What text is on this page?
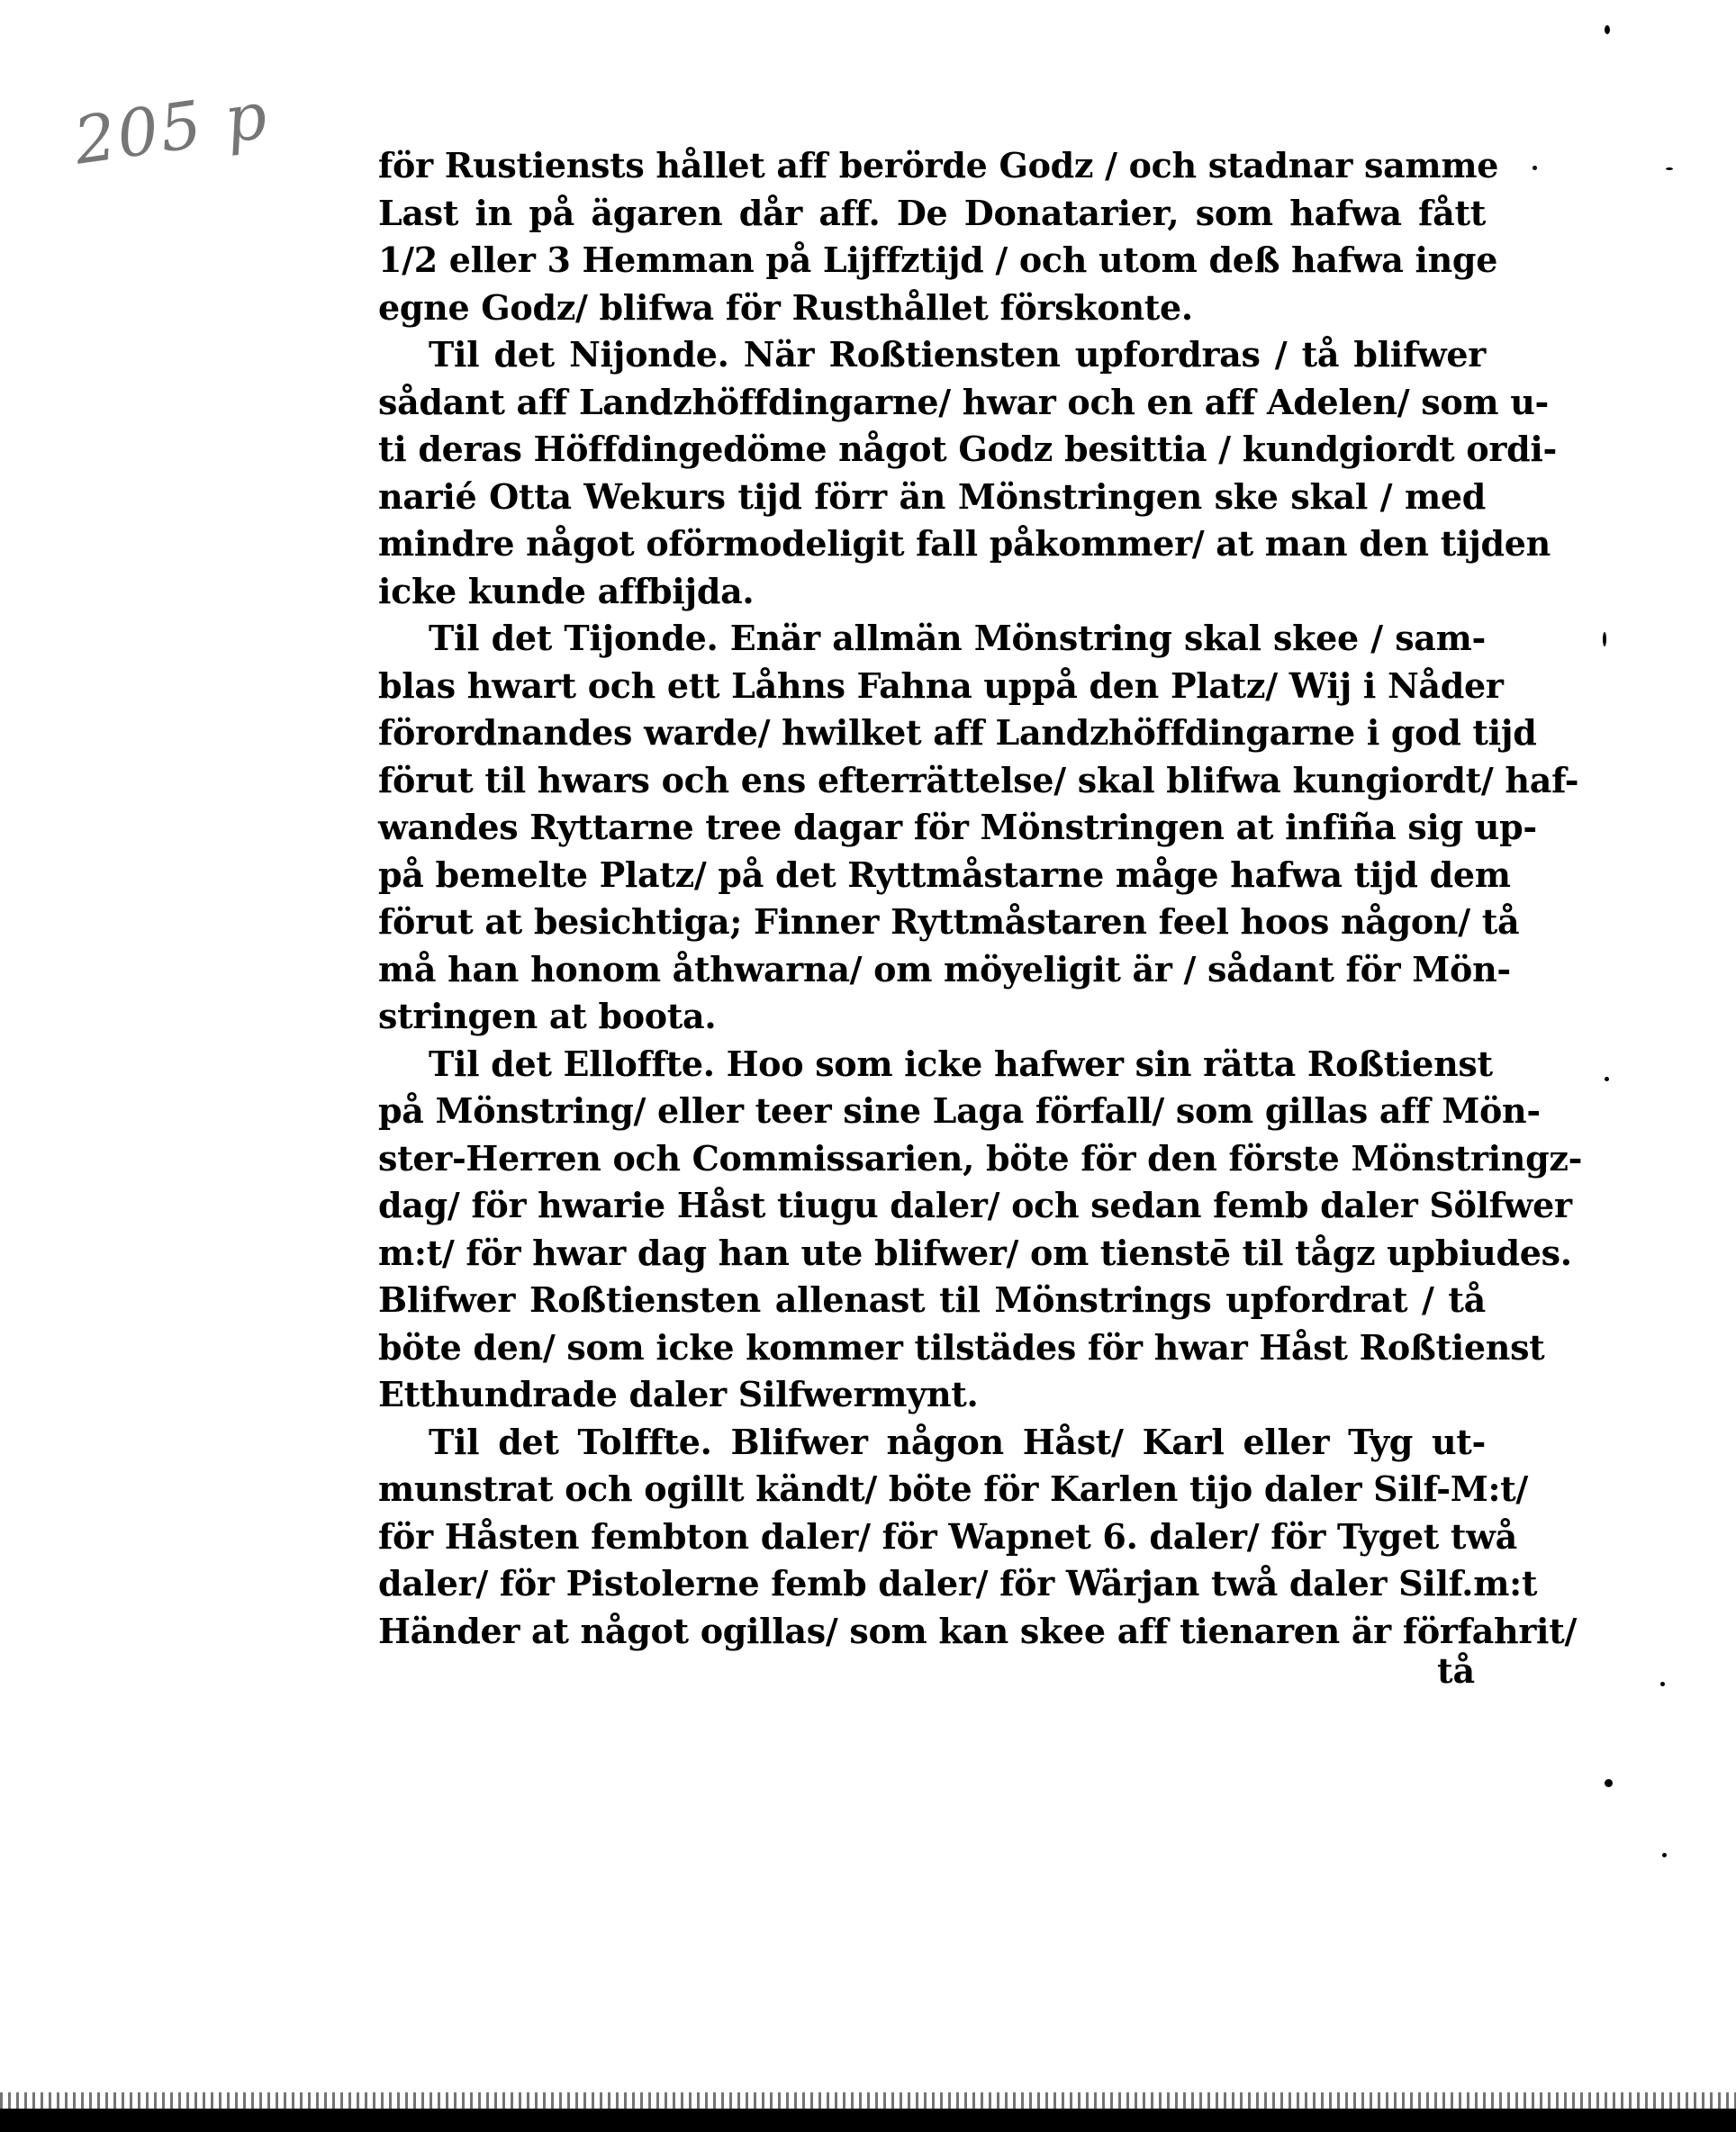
205 p	för Rustiensts hållet aff berörde Godz / och stadnar samme
Last in på ägaren dår aff. De Donatarier, som hafwa fått
1/2 eller 3 Hemman på Lijffztijd / och utom deß hafwa inge
egne Godz/ blifwa för Rusthållet förskonte.
Til det Nijonde. När Roßtiensten upfordras / tå blifwer
sådant aff Landzhöffdingarne/ hwar och en aff Adelen/ som u-
ti deras Höffdingedöme något Godz besittia / kundgiordt ordi-
narié Otta Wekurs tijd förr än Mönstringen ske skal / med
mindre något oförmodeligit fall påkommer/ at man den tijden
icke kunde affbijda.
Til det Tijonde. Enär allmän Mönstring skal skee / sam-
blas hwart och ett Låhns Fahna uppå den Platz/ Wij i Nåder
förordnandes warde/ hwilket aff Landzhöffdingarne i god tijd
förut til hwars och ens efterrättelse/ skal blifwa kungiordt/ haf-
wandes Ryttarne tree dagar för Mönstringen at infiña sig up-
på bemelte Platz/ på det Ryttmåstarne måge hafwa tijd dem
förut at besichtiga; Finner Ryttmåstaren feel hoos någon/ tå
må han honom åthwarna/ om möyeligit är / sådant för Mön-
stringen at boota.
Til det Elloffte. Hoo som icke hafwer sin rätta Roßtienst
på Mönstring/ eller teer sine Laga förfall/ som gillas aff Mön-
ster-Herren och Commissarien, böte för den förste Mönstringz-
dag/ för hwarie Håst tiugu daler/ och sedan femb daler Sölfwer
m:t/ för hwar dag han ute blifwer/ om tienstē til tågz upbiudes.
Blifwer Roßtiensten allenast til Mönstrings upfordrat / tå
böte den/ som icke kommer tilstädes för hwar Håst Roßtienst
Etthundrade daler Silfwermynt.
Til det Tolffte. Blifwer någon Håst/ Karl eller Tyg ut-
munstrat och ogillt kändt/ böte för Karlen tijo daler Silf-M:t/
för Håsten fembton daler/ för Wapnet 6. daler/ för Tyget twå
daler/ för Pistolerne femb daler/ för Wärjan twå daler Silf.m:t
Händer at något ogillas/ som kan skee aff tienaren är förfahrit/
tå
